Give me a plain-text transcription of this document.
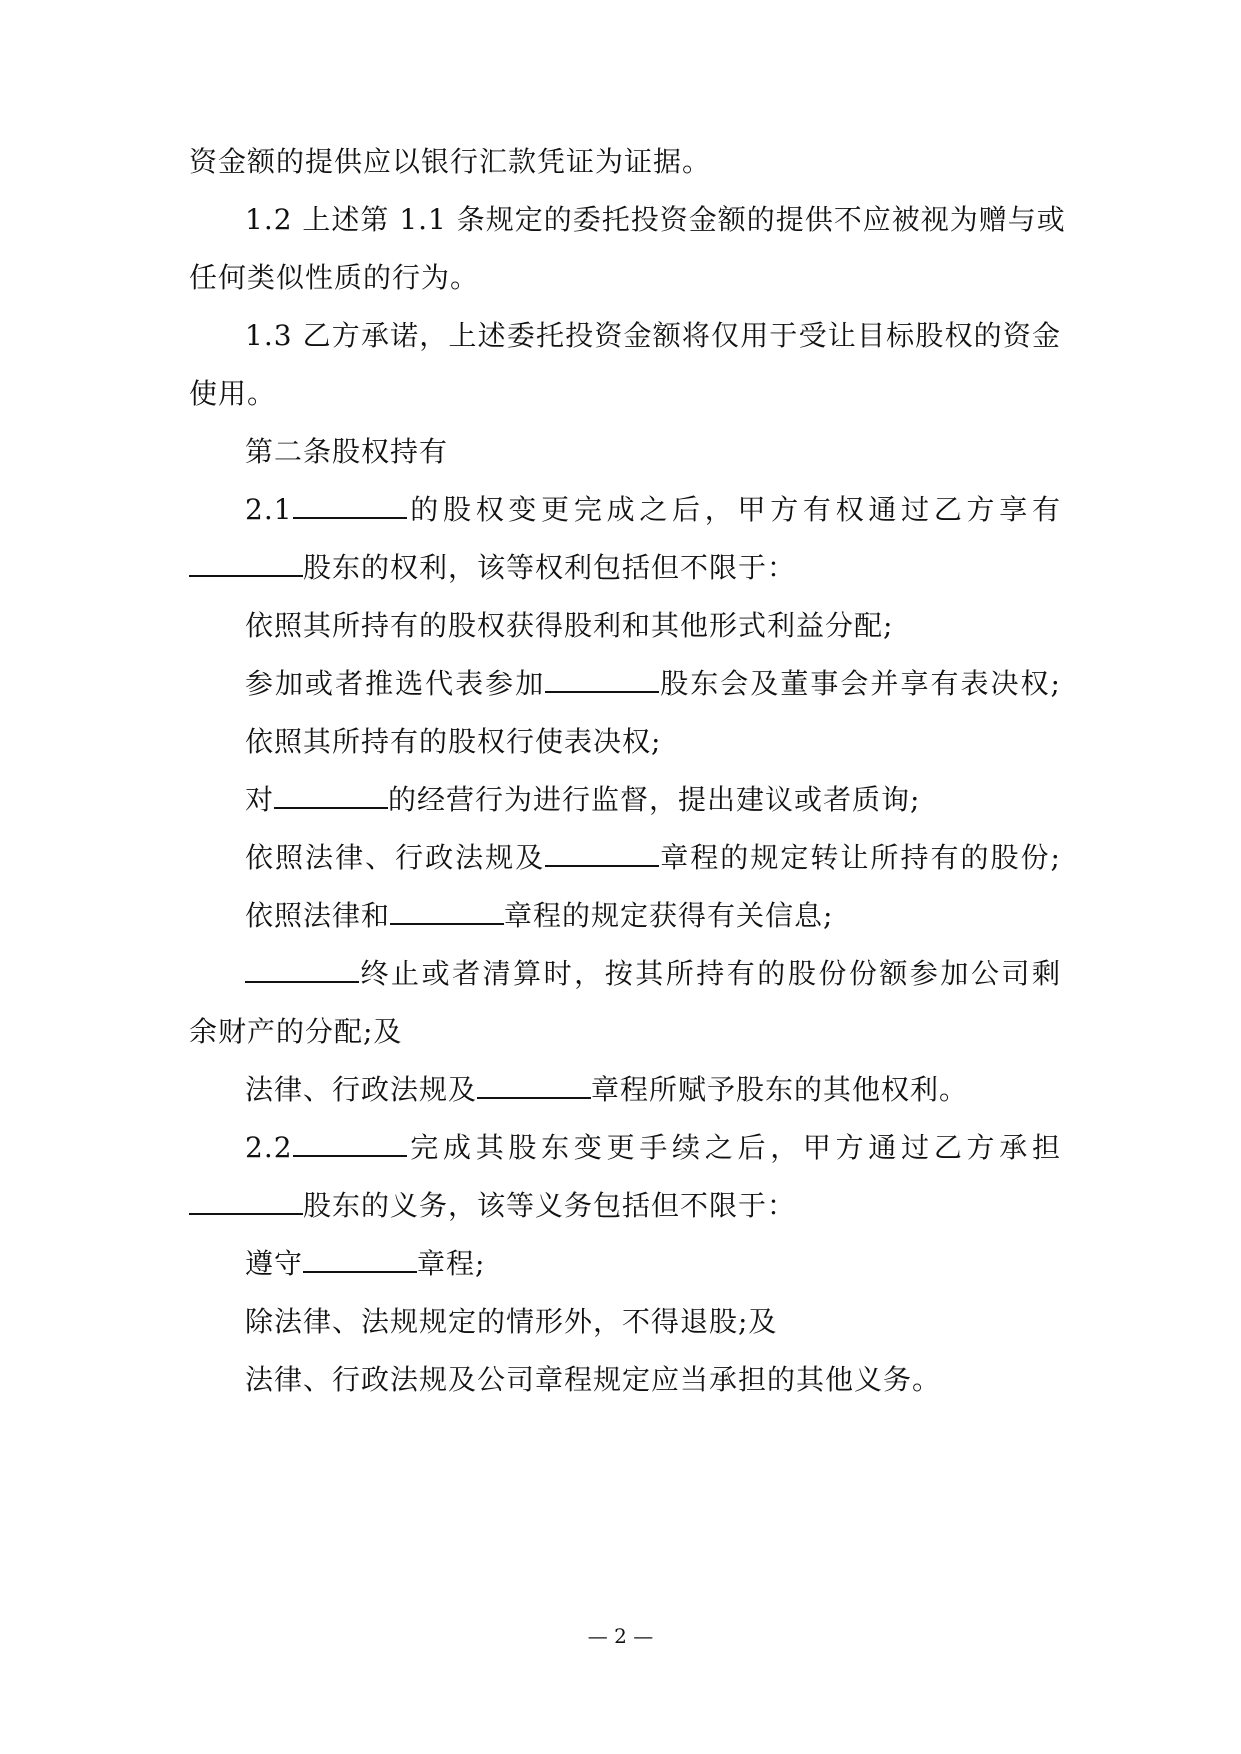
资金额的提供应以银行汇款凭证为证据。
1.2 上述第 1.1 条规定的委托投资金额的提供不应被视为赠与或
任何类似性质的行为。
1.3 乙方承诺，上述委托投资金额将仅用于受让目标股权的资金
使用。
第二条股权持有
2.1	的股权变更完成之后，甲方有权通过乙方享有
股东的权利，该等权利包括但不限于：
依照其所持有的股权获得股利和其他形式利益分配;
参加或者推选代表参加	股东会及董事会并享有表决权;
依照其所持有的股权行使表决权;
对	的经营行为进行监督，提出建议或者质询;
依照法律、行政法规及	章程的规定转让所持有的股份;
依照法律和	章程的规定获得有关信息;
终止或者清算时，按其所持有的股份份额参加公司剩
余财产的分配;及
法律、行政法规及	章程所赋予股东的其他权利。
2.2	完成其股东变更手续之后，甲方通过乙方承担
股东的义务，该等义务包括但不限于：
遵守	章程;
除法律、法规规定的情形外，不得退股;及
法律、行政法规及公司章程规定应当承担的其他义务。
— 2 —
